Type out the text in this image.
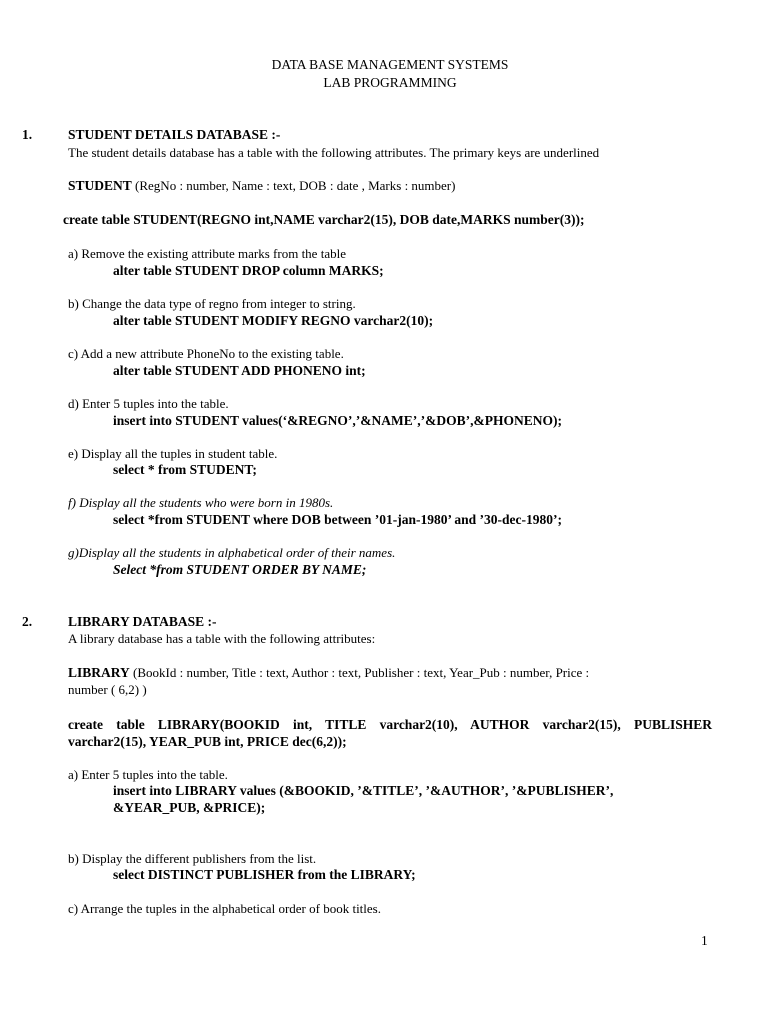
DATA BASE MANAGEMENT SYSTEMS
LAB PROGRAMMING
1.	STUDENT DETAILS DATABASE :-
The student details database has a table with the following attributes. The primary keys are underlined
STUDENT (RegNo : number, Name : text, DOB : date , Marks : number)
create table STUDENT(REGNO int,NAME varchar2(15), DOB date,MARKS number(3));
a) Remove the existing attribute marks from the table
alter table STUDENT DROP column MARKS;
b) Change the data type of regno from integer to string.
alter table STUDENT MODIFY REGNO varchar2(10);
c) Add a new attribute PhoneNo to the existing table.
alter table STUDENT ADD PHONENO int;
d) Enter 5 tuples into the table.
insert into STUDENT values(‘&REGNO’,’&NAME’,’&DOB’,&PHONENO);
e) Display all the tuples in student table.
select * from STUDENT;
f) Display all the students who were born in 1980s.
select *from STUDENT where DOB between ’01-jan-1980’ and ’30-dec-1980’;
g)Display all the students in alphabetical order of their names.
Select *from STUDENT ORDER BY NAME;
2.	LIBRARY DATABASE :-
A library database has a table with the following attributes:
LIBRARY (BookId : number, Title : text, Author : text, Publisher : text, Year_Pub : number, Price :
number ( 6,2) )
create table LIBRARY(BOOKID int, TITLE varchar2(10), AUTHOR varchar2(15), PUBLISHER varchar2(15), YEAR_PUB int, PRICE dec(6,2));
a) Enter 5 tuples into the table.
insert into LIBRARY values (&BOOKID, ’&TITLE’, ’&AUTHOR’, ’&PUBLISHER’,
&YEAR_PUB, &PRICE);
b) Display the different publishers from the list.
select DISTINCT PUBLISHER from the LIBRARY;
c) Arrange the tuples in the alphabetical order of book titles.
1
